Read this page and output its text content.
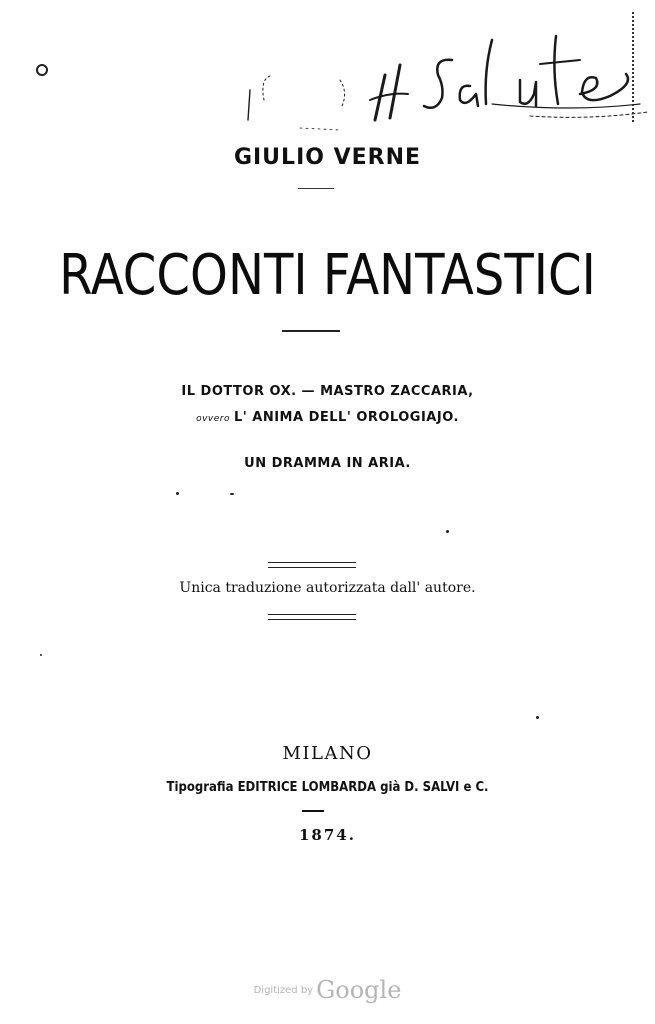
GIULIO VERNE
RACCONTI FANTASTICI
IL DOTTOR OX. — MASTRO ZACCARIA,
ovvero L' ANIMA DELL' OROLOGIAJO.
UN DRAMMA IN ARIA.
Unica traduzione autorizzata dall' autore.
MILANO
Tipografia EDITRICE LOMBARDA già D. SALVI e C.
1874.
Digitized by Google
